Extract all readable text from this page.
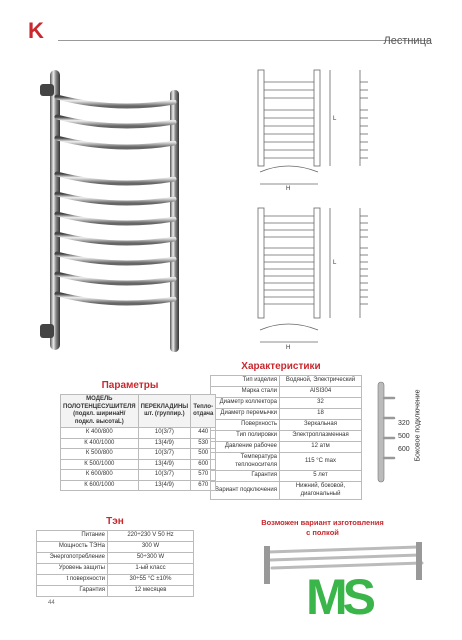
K	Лестница
L
H
L
H
Характеристики
Тип изделия	Водяной, Электрический
Марка стали	AISI304
Диаметр коллектора	32
Диаметр перемычки	18
Поверхность	Зеркальная
Тип полировки	Электроплазменная
Давление рабочее	12 атм
Температура теплоносителя	115 °С max
Гарантия	5 лет
Вариант подключения	Нижний, боковой, диагональный
320
500
600 Боковое подключение
Параметры
МОДЕЛЬ ПОЛОТЕНЦЕСУШИТЕЛЯ (подкл. ширинаН/ подкл. высотаL)	ПЕРЕКЛАДИНЫ шт. (группир.)	Тепло-отдача
К 400/800	10(3/7)	440
К 400/1000	13(4/9)	530
К 500/800	10(3/7)	500
К 500/1000	13(4/9)	600
К 600/800	10(3/7)	570
К 600/1000	13(4/9)	670
Тэн
Питание	220÷230 V 50 Hz
Мощность ТЭНа	300 W
Энергопотребление	50÷300 W
Уровень защиты	1-ый класс
t поверхности	30÷55 °С ±10%
Гарантия	12 месяцев
Возможен вариант изготовления
с полкой
MS
44
